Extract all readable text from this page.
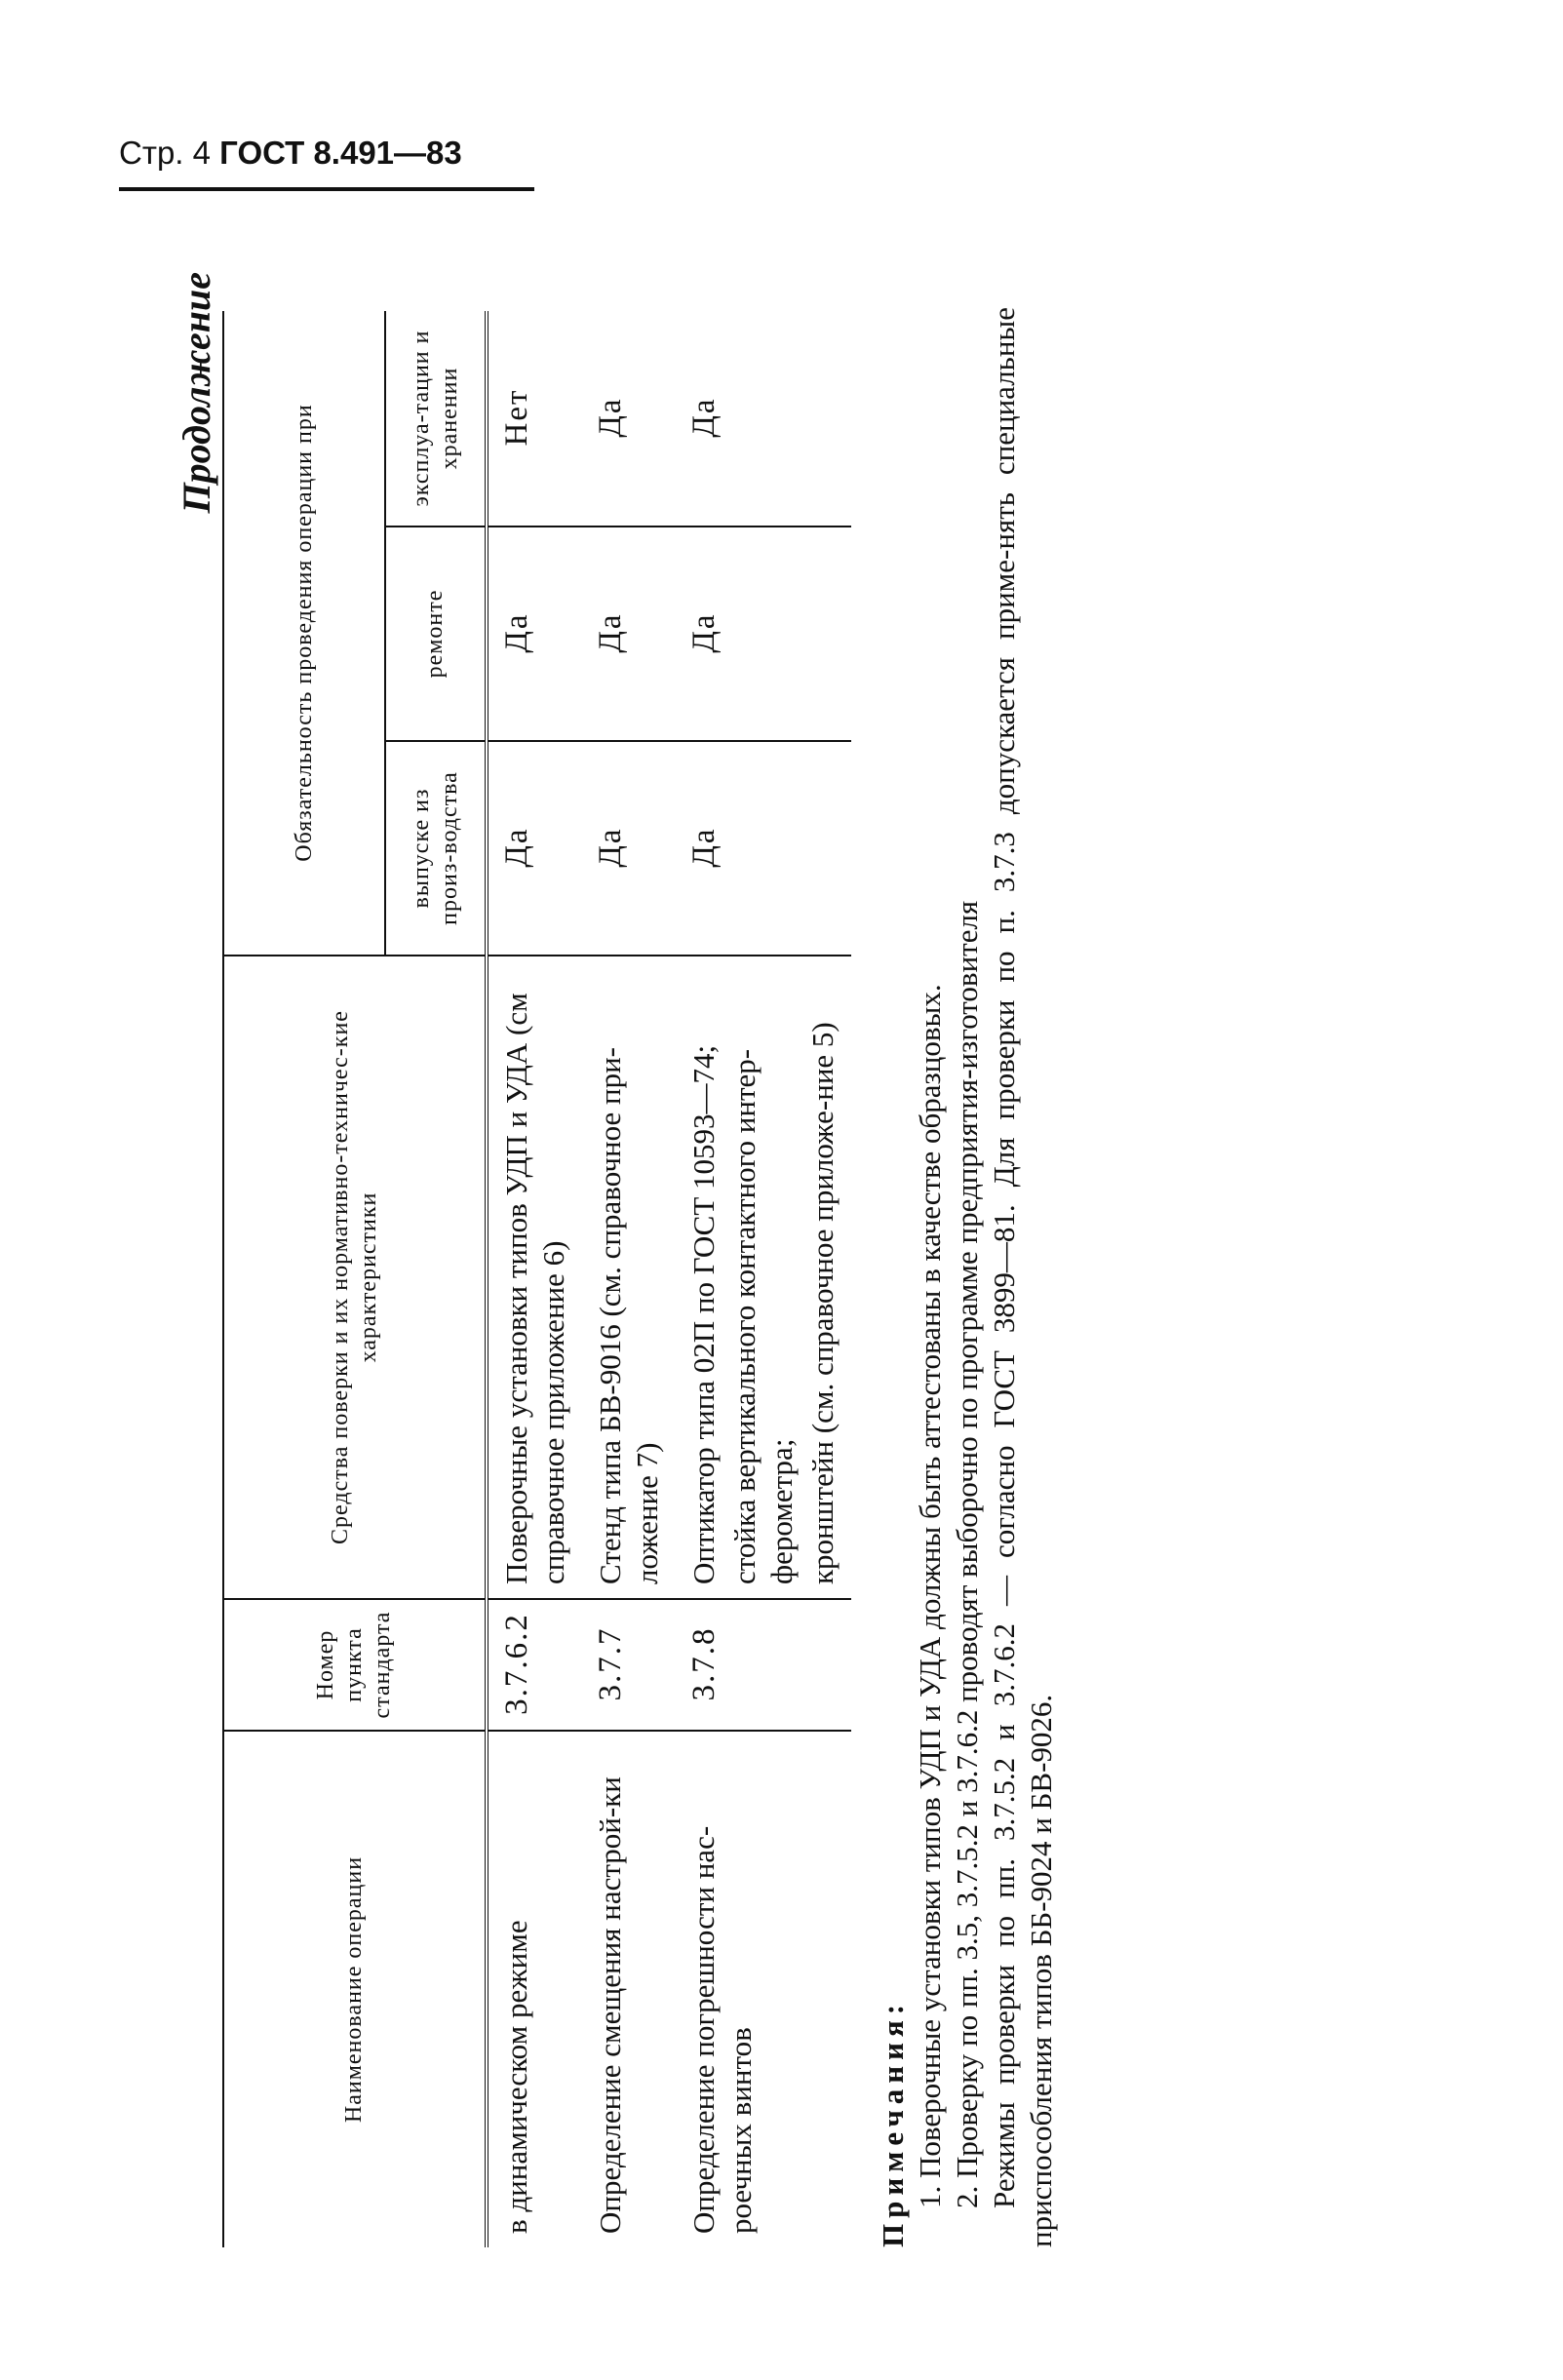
Стр. 4 ГОСТ 8.491—83
Продолжение
Наименование операции	Номер пункта стандарта	Средства поверки и их нормативно-техничес-кие характеристики	Обязательность проведения операции при		
			выпуске из произ-водства	ремонте	эксплуа-тации и хранении
в динамическом режиме	3.7.6.2	Поверочные установки типов УДП и УДА (см справочное приложение 6)	Да	Да	Нет
Определение смещения настрой-ки	3.7.7	Стенд типа БВ-9016 (см. справочное при-ложение 7)	Да	Да	Да
Определение погрешности нас-роечных винтов	3.7.8	Оптикатор типа 02П по ГОСТ 10593—74; стойка вертикального контактного интер-ферометра; кронштейн (см. справочное приложе-ние 5)	Да	Да	Да
Примечания: 1. Поверочные установки типов УДП и УДА должны быть аттестованы в качестве образцовых. 2. Проверку по пп. 3.5, 3.7.5.2 и 3.7.6.2 проводят выборочно по программе предприятия-изготовителя Режимы проверки по пп. 3.7.5.2 и 3.7.6.2 — согласно ГОСТ 3899—81. Для проверки по п. 3.7.3 допускается приме-нять специальные приспособления типов ББ-9024 и БВ-9026.
